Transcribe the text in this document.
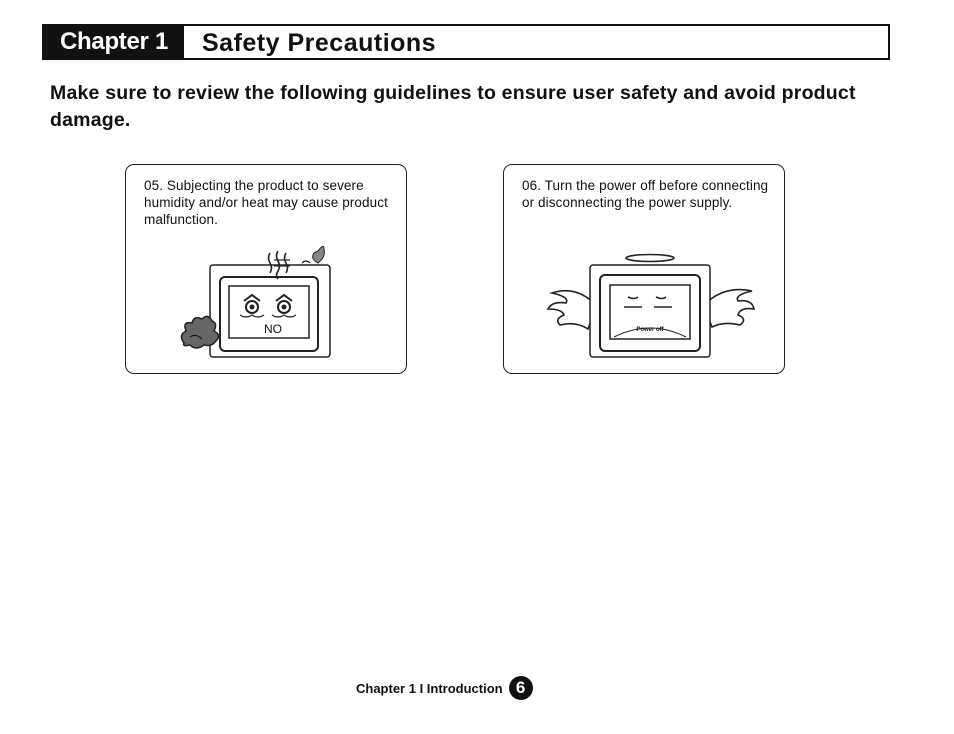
Chapter 1	Safety Precautions
Make sure to review the following guidelines to ensure user safety and avoid product damage.
NO
05. Subjecting the product to severe humidity and/or heat may cause product malfunction.
Power off
06. Turn the power off before connecting or disconnecting the power supply.
Chapter 1 I Introduction 6
